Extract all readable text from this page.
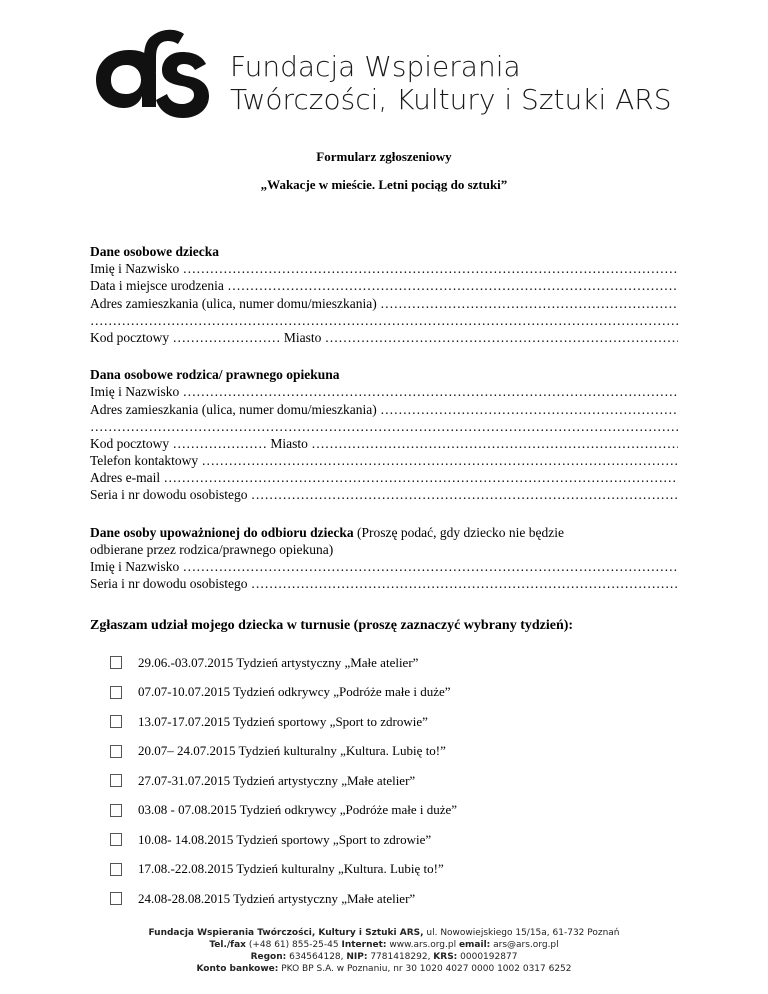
Fundacja Wspierania
Twórczości, Kultury i Sztuki ARS
Formularz zgłoszeniowy
„Wakacje w mieście. Letni pociąg do sztuki”
Dane osobowe dziecka
Imię i Nazwisko ……………………………………………………………………………………………………………………………………………………………
Data i miejsce urodzenia ……………………………………………………………………………………………………………………………………………………………
Adres zamieszkania (ulica, numer domu/mieszkania) ……………………………………………………………………………………………………………………………………………………………
………………………………………………………………………………………………………………………………………………………
Kod pocztowy …………………… Miasto ……………………………………………………………………………………………………………………………………………………………
Dana osobowe rodzica/ prawnego opiekuna
Imię i Nazwisko ……………………………………………………………………………………………………………………………………………………………
Adres zamieszkania (ulica, numer domu/mieszkania) ……………………………………………………………………………………………………………………………………………………………
………………………………………………………………………………………………………………………………………………………
Kod pocztowy ………………… Miasto ……………………………………………………………………………………………………………………………………………………………
Telefon kontaktowy ……………………………………………………………………………………………………………………………………………………………
Adres e-mail ……………………………………………………………………………………………………………………………………………………………
Seria i nr dowodu osobistego ……………………………………………………………………………………………………………………………………………………………
Dane osoby upoważnionej do odbioru dziecka (Proszę podać, gdy dziecko nie będzie
odbierane przez rodzica/prawnego opiekuna)
Imię i Nazwisko ……………………………………………………………………………………………………………………………………………………………
Seria i nr dowodu osobistego ……………………………………………………………………………………………………………………………………………………………
Zgłaszam udział mojego dziecka w turnusie (proszę zaznaczyć wybrany tydzień):
29.06.-03.07.2015 Tydzień artystyczny „Małe atelier”
07.07-10.07.2015 Tydzień odkrywcy „Podróże małe i duże”
13.07-17.07.2015 Tydzień sportowy „Sport to zdrowie”
20.07– 24.07.2015 Tydzień kulturalny „Kultura. Lubię to!”
27.07-31.07.2015 Tydzień artystyczny „Małe atelier”
03.08 - 07.08.2015 Tydzień odkrywcy „Podróże małe i duże”
10.08- 14.08.2015 Tydzień sportowy „Sport to zdrowie”
17.08.-22.08.2015 Tydzień kulturalny „Kultura. Lubię to!”
24.08-28.08.2015 Tydzień artystyczny „Małe atelier”
Fundacja Wspierania Twórczości, Kultury i Sztuki ARS, ul. Nowowiejskiego 15/15a, 61-732 Poznań
Tel./fax (+48 61) 855-25-45 Internet: www.ars.org.pl email: ars@ars.org.pl
Regon: 634564128, NIP: 7781418292, KRS: 0000192877
Konto bankowe: PKO BP S.A. w Poznaniu, nr 30 1020 4027 0000 1002 0317 6252
